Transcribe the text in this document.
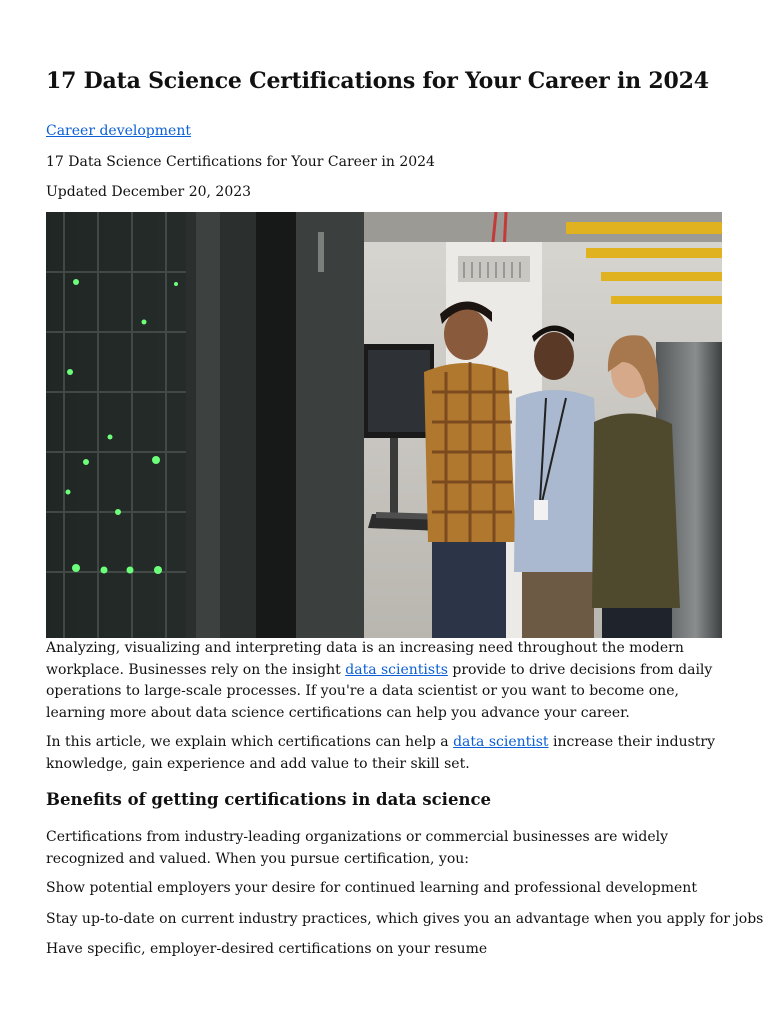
17 Data Science Certifications for Your Career in 2024
Career development
17 Data Science Certifications for Your Career in 2024
Updated December 20, 2023

Analyzing, visualizing and interpreting data is an increasing need throughout the modern workplace. Businesses rely on the insight data scientists provide to drive decisions from daily operations to large-scale processes. If you're a data scientist or you want to become one, learning more about data science certifications can help you advance your career.

In this article, we explain which certifications can help a data scientist increase their industry knowledge, gain experience and add value to their skill set.

Benefits of getting certifications in data science

Certifications from industry-leading organizations or commercial businesses are widely recognized and valued. When you pursue certification, you:

Show potential employers your desire for continued learning and professional development

Stay up-to-date on current industry practices, which gives you an advantage when you apply for jobs

Have specific, employer-desired certifications on your resume
